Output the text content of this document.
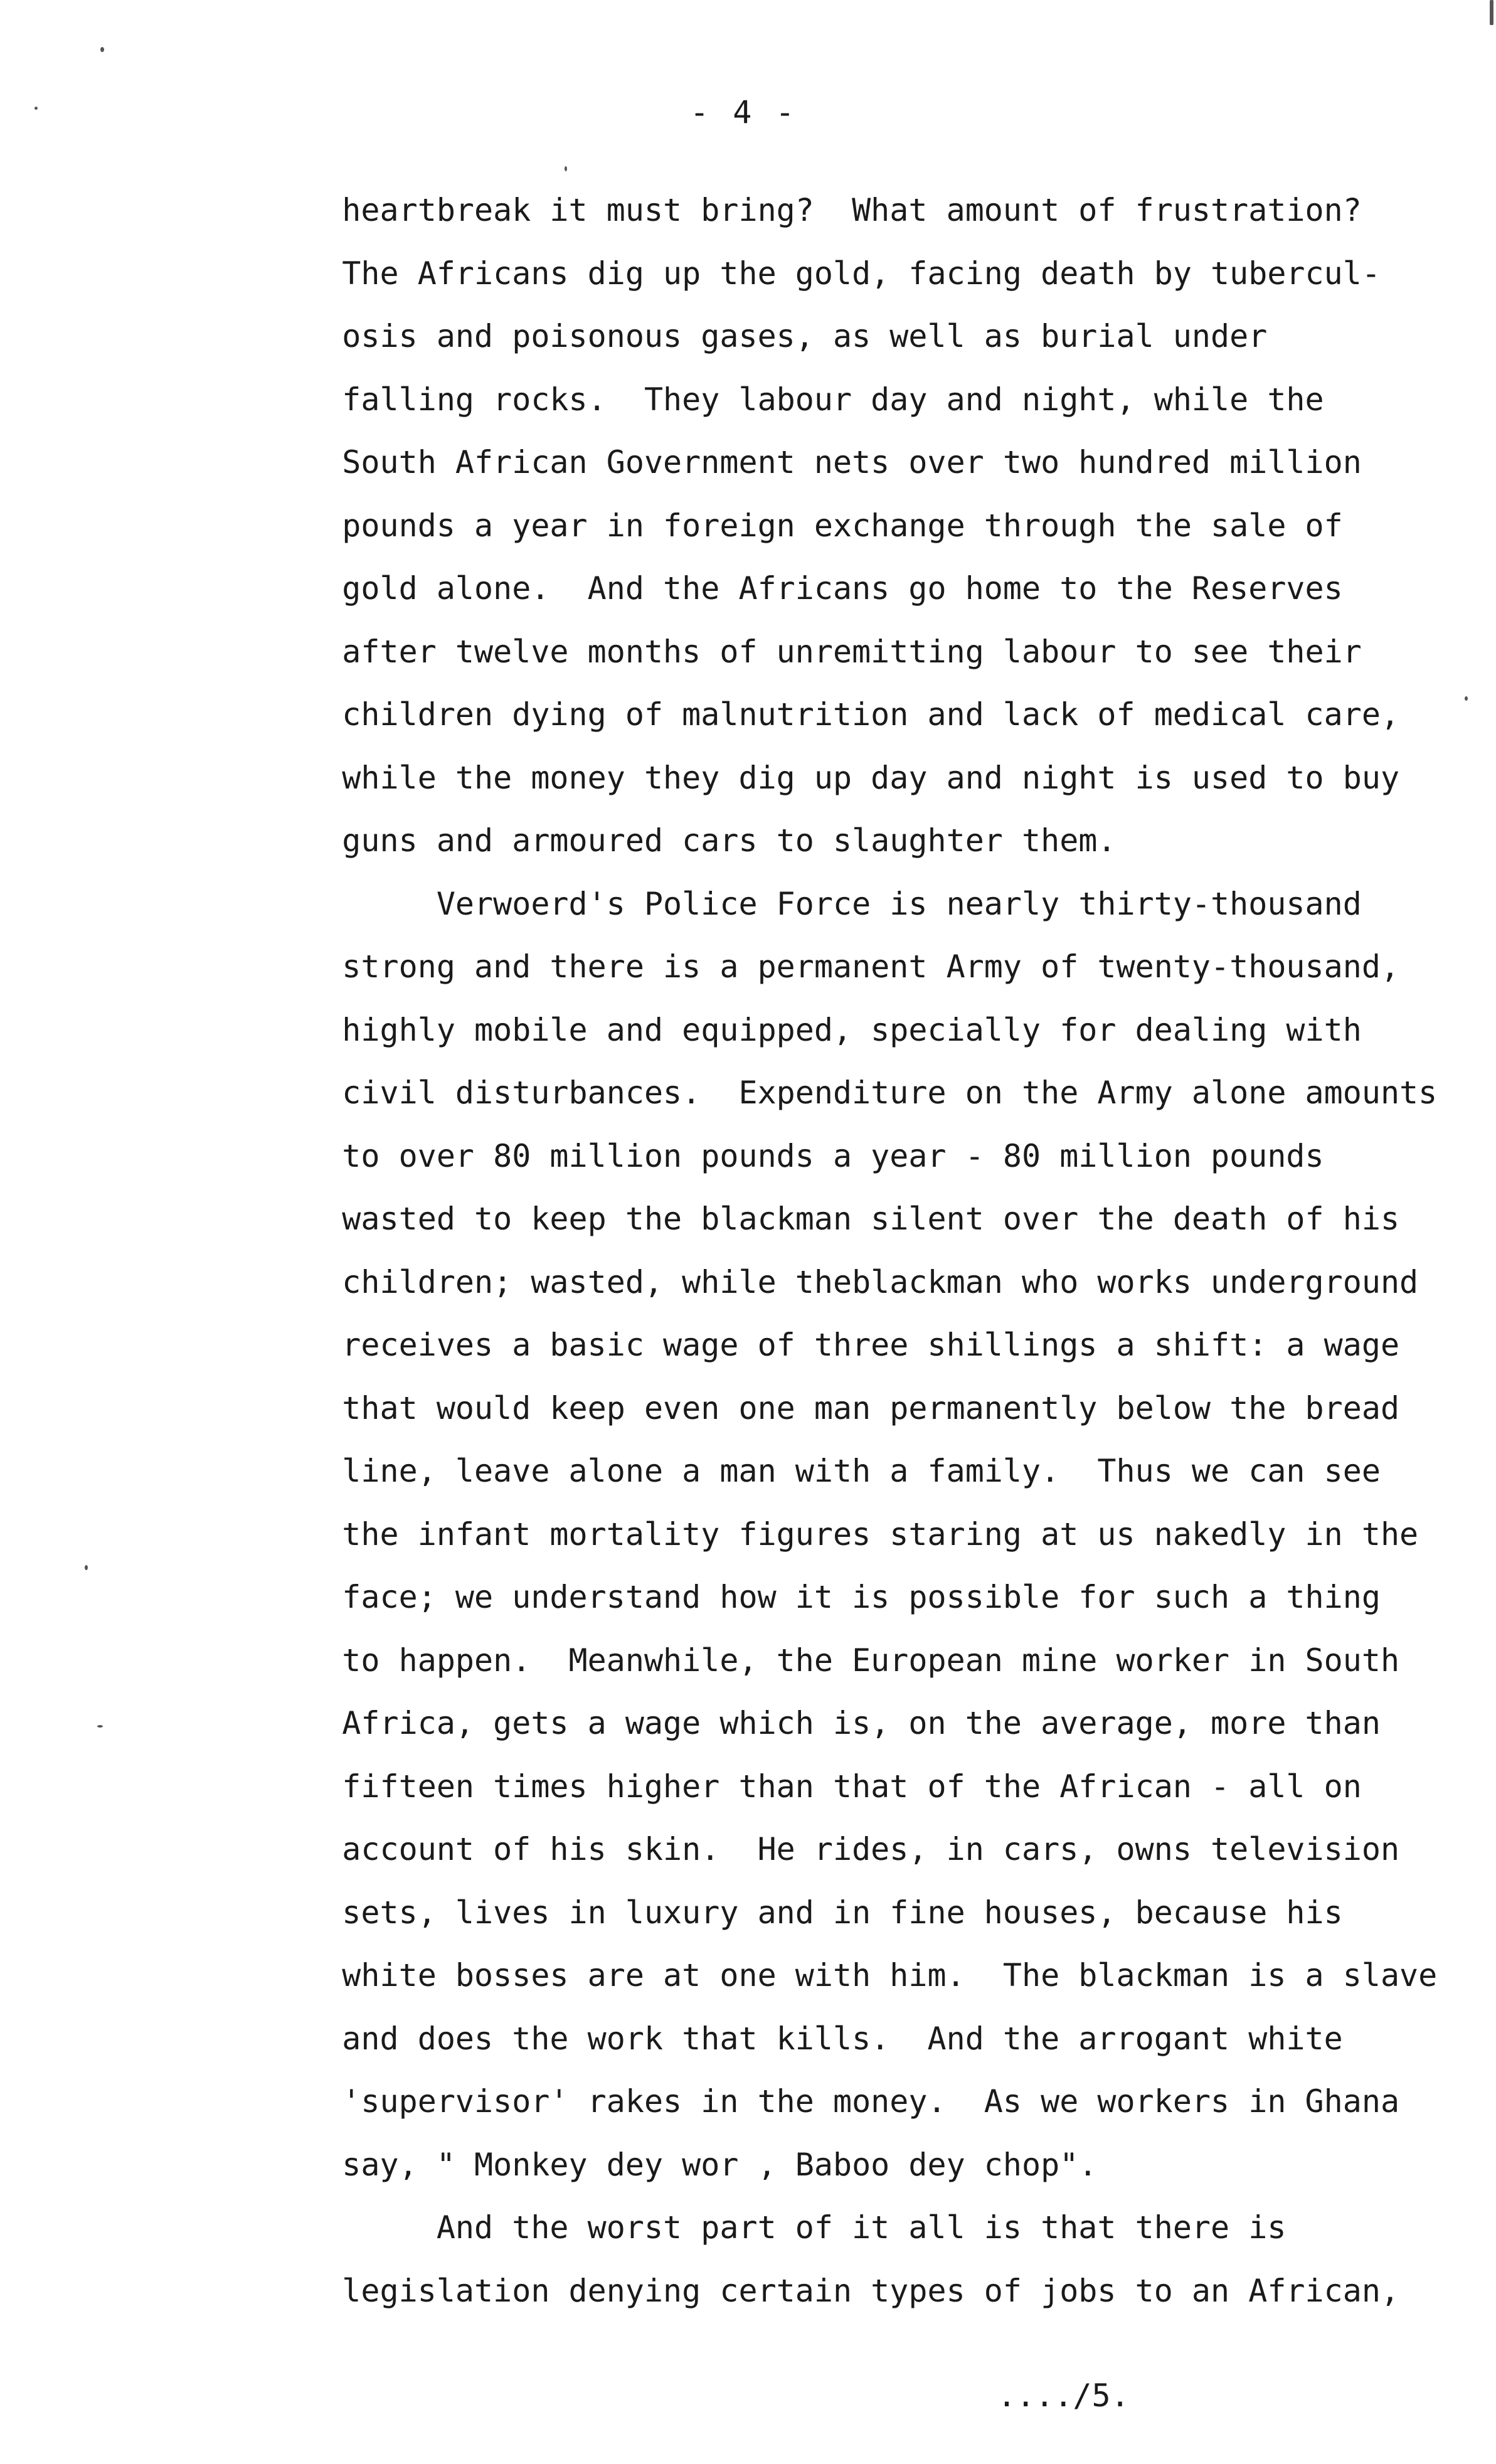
- 4 -
heartbreak it must bring?  What amount of frustration?
The Africans dig up the gold, facing death by tubercul-
osis and poisonous gases, as well as burial under
falling rocks.  They labour day and night, while the
South African Government nets over two hundred million
pounds a year in foreign exchange through the sale of
gold alone.  And the Africans go home to the Reserves
after twelve months of unremitting labour to see their
children dying of malnutrition and lack of medical care,
while the money they dig up day and night is used to buy
guns and armoured cars to slaughter them.
Verwoerd's Police Force is nearly thirty-thousand
strong and there is a permanent Army of twenty-thousand,
highly mobile and equipped, specially for dealing with
civil disturbances.  Expenditure on the Army alone amounts
to over 80 million pounds a year - 80 million pounds
wasted to keep the blackman silent over the death of his
children; wasted, while theblackman who works underground
receives a basic wage of three shillings a shift: a wage
that would keep even one man permanently below the bread
line, leave alone a man with a family.  Thus we can see
the infant mortality figures staring at us nakedly in the
face; we understand how it is possible for such a thing
to happen.  Meanwhile, the European mine worker in South
Africa, gets a wage which is, on the average, more than
fifteen times higher than that of the African - all on
account of his skin.  He rides, in cars, owns television
sets, lives in luxury and in fine houses, because his
white bosses are at one with him.  The blackman is a slave
and does the work that kills.  And the arrogant white
'supervisor' rakes in the money.  As we workers in Ghana
say, " Monkey dey wor , Baboo dey chop".
And the worst part of it all is that there is
legislation denying certain types of jobs to an African,
..../5.
